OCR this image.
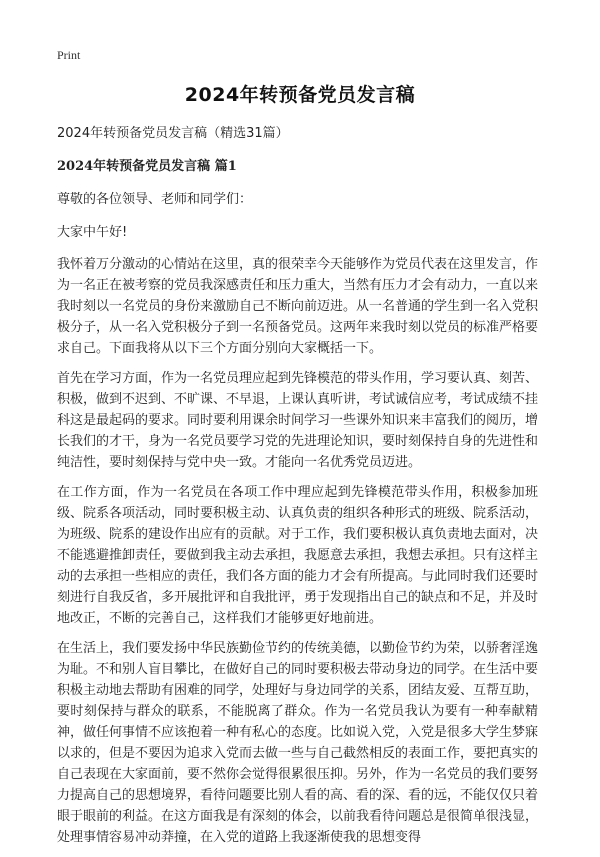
Print
2024年转预备党员发言稿

2024年转预备党员发言稿（精选31篇）

2024年转预备党员发言稿 篇1

尊敬的各位领导、老师和同学们：

大家中午好!

我怀着万分激动的心情站在这里，真的很荣幸今天能够作为党员代表在这里发言，作为一名正在被考察的党员我深感责任和压力重大，当然有压力才会有动力，一直以来我时刻以一名党员的身份来激励自己不断向前迈进。从一名普通的学生到一名入党积极分子，从一名入党积极分子到一名预备党员。这两年来我时刻以党员的标准严格要求自己。下面我将从以下三个方面分别向大家概括一下。

首先在学习方面，作为一名党员理应起到先锋模范的带头作用，学习要认真、刻苦、积极，做到不迟到、不旷课、不早退，上课认真听讲，考试诚信应考，考试成绩不挂科这是最起码的要求。同时要利用课余时间学习一些课外知识来丰富我们的阅历，增长我们的才干，身为一名党员要学习党的先进理论知识，要时刻保持自身的先进性和纯洁性，要时刻保持与党中央一致。才能向一名优秀党员迈进。

在工作方面，作为一名党员在各项工作中理应起到先锋模范带头作用，积极参加班级、院系各项活动，同时要积极主动、认真负责的组织各种形式的班级、院系活动，为班级、院系的建设作出应有的贡献。对于工作，我们要积极认真负责地去面对，决不能逃避推卸责任，要做到我主动去承担，我愿意去承担，我想去承担。只有这样主动的去承担一些相应的责任，我们各方面的能力才会有所提高。与此同时我们还要时刻进行自我反省，多开展批评和自我批评，勇于发现指出自己的缺点和不足，并及时地改正，不断的完善自己，这样我们才能够更好地前进。

在生活上，我们要发扬中华民族勤俭节约的传统美德，以勤俭节约为荣，以骄奢淫逸为耻。不和别人盲目攀比，在做好自己的同时要积极去带动身边的同学。在生活中要积极主动地去帮助有困难的同学，处理好与身边同学的关系，团结友爱、互帮互助，要时刻保持与群众的联系，不能脱离了群众。作为一名党员我认为要有一种奉献精神，做任何事情不应该抱着一种有私心的态度。比如说入党，入党是很多大学生梦寐以求的，但是不要因为追求入党而去做一些与自己截然相反的表面工作，要把真实的自己表现在大家面前，要不然你会觉得很累很压抑。另外，作为一名党员的我们要努力提高自己的思想境界，看待问题要比别人看的高、看的深、看的远，不能仅仅只着眼于眼前的利益。在这方面我是有深刻的体会，以前我看待问题总是很简单很浅显，处理事情容易冲动莽撞，在入党的道路上我逐渐使我的思想变得
